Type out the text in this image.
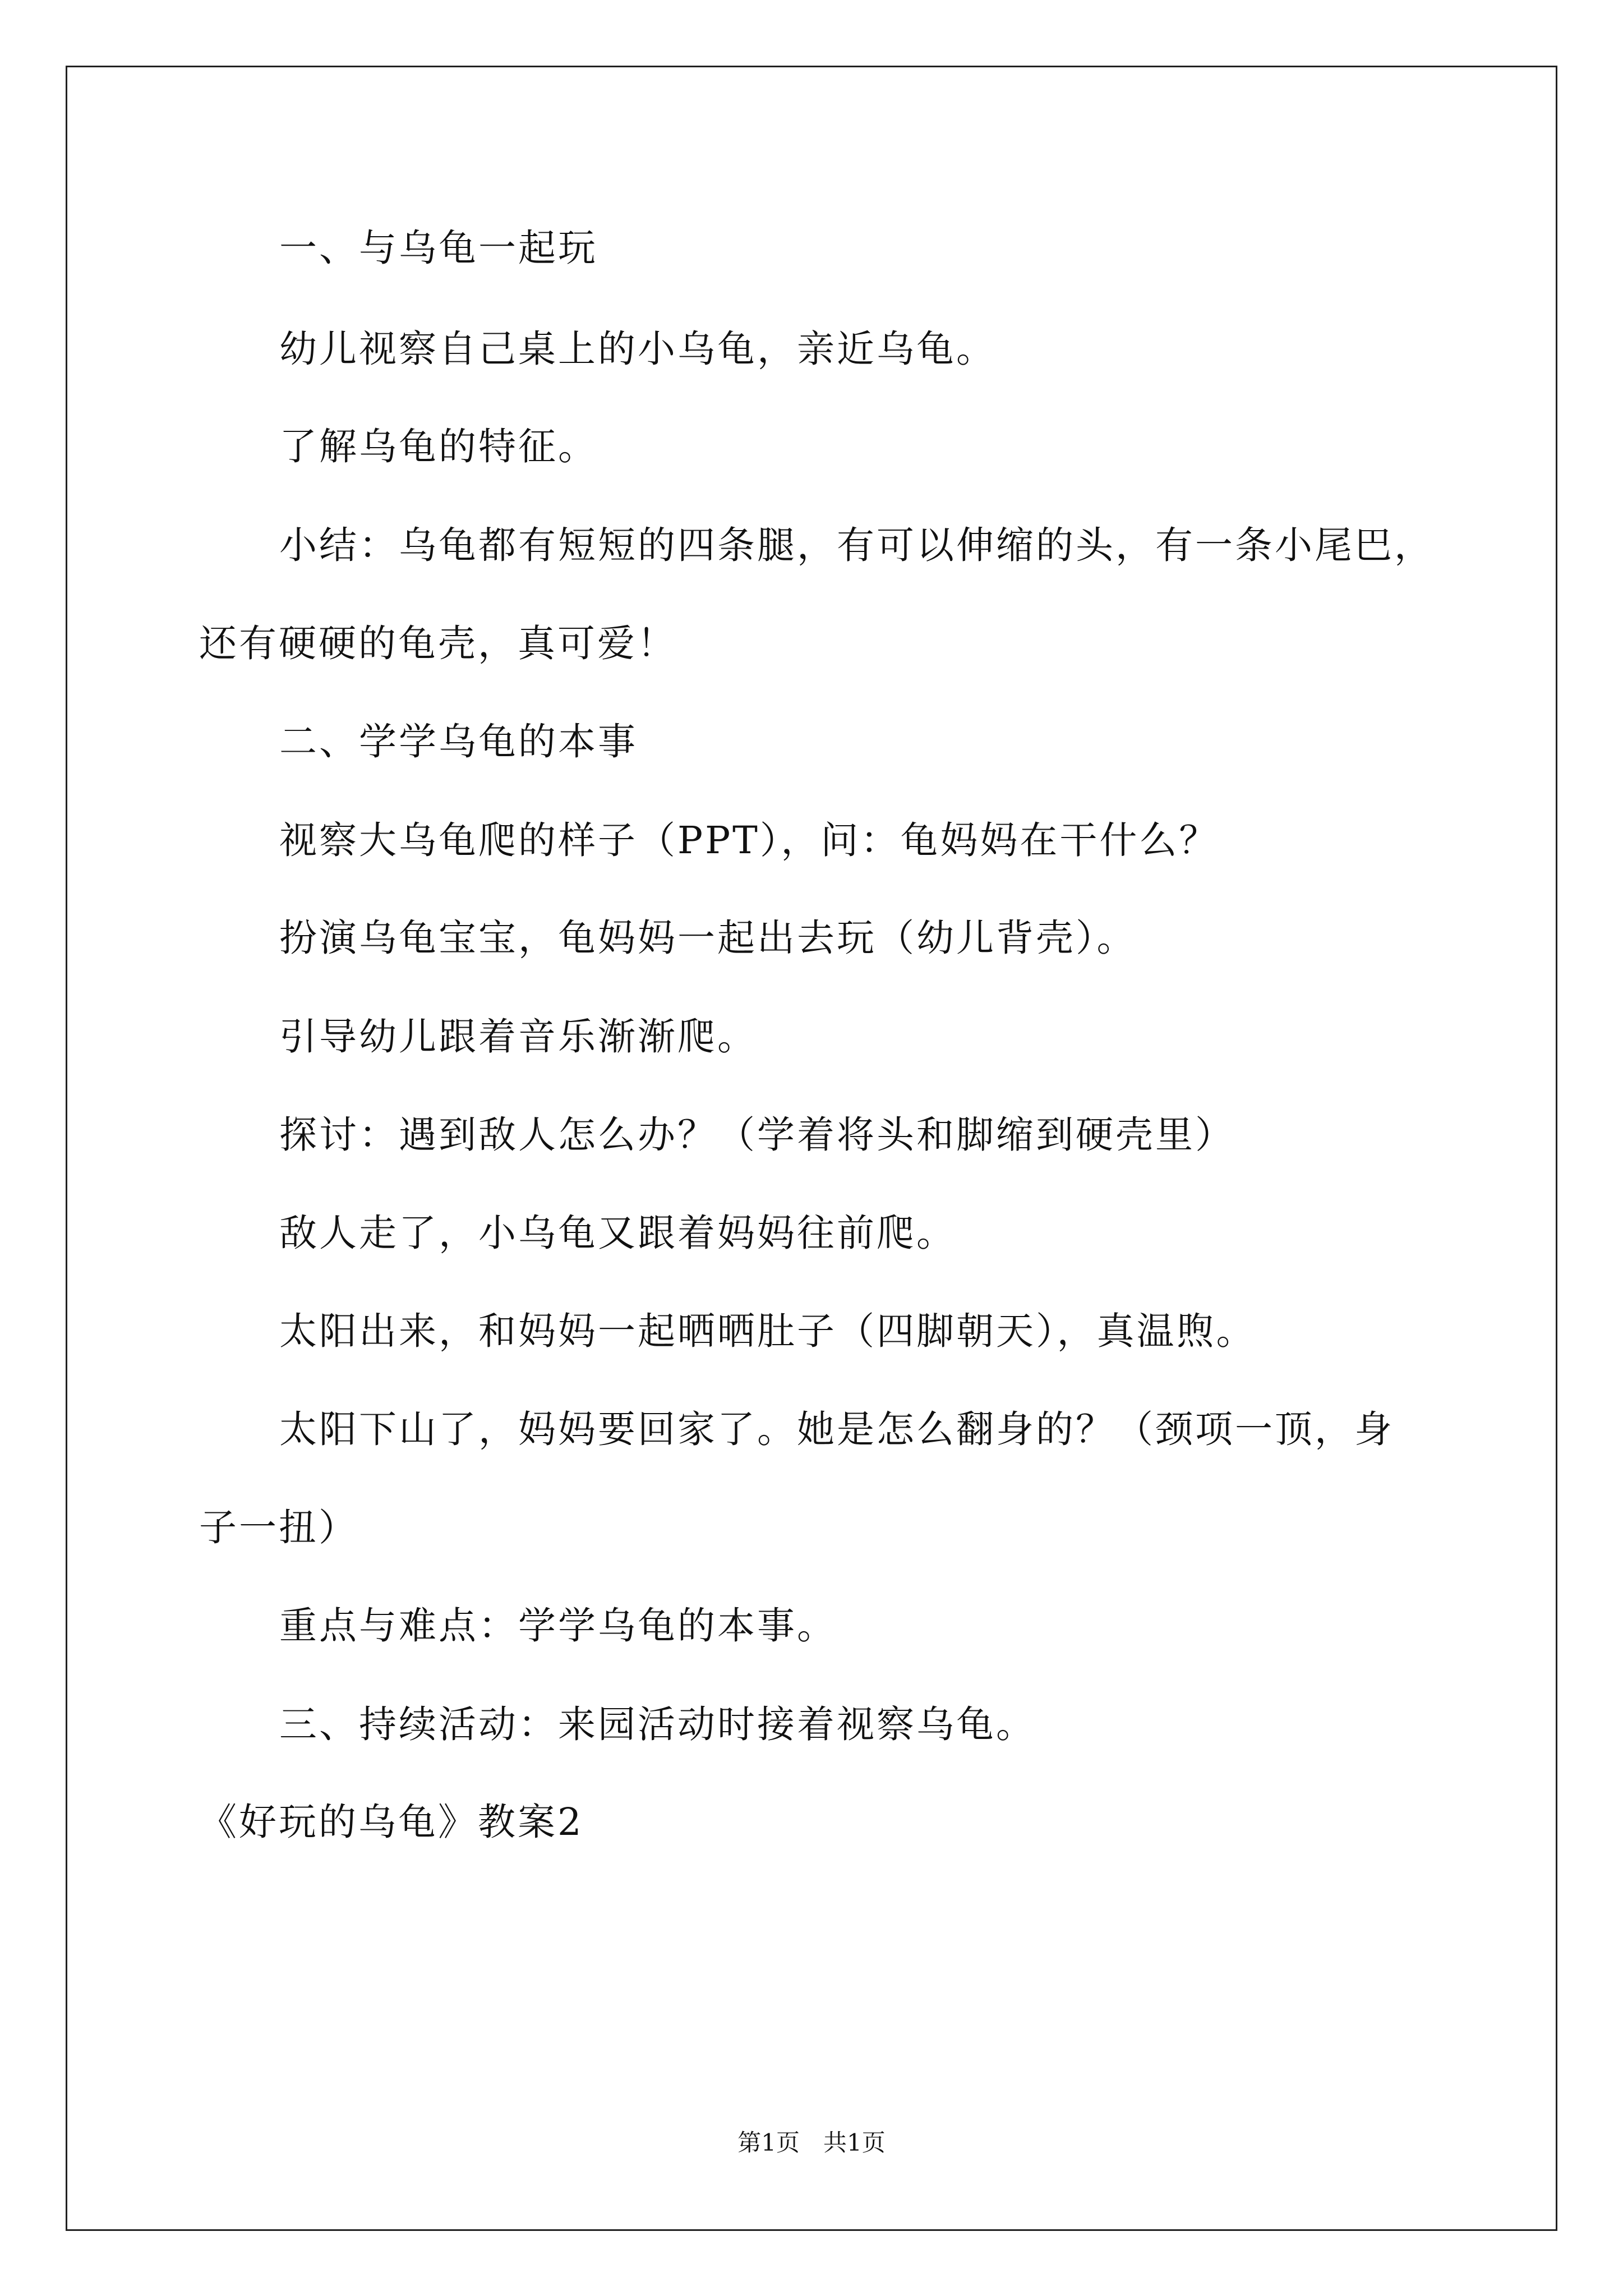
一、与乌龟一起玩
幼儿视察自己桌上的小乌龟，亲近乌龟。
了解乌龟的特征。
小结：乌龟都有短短的四条腿，有可以伸缩的头，有一条小尾巴，
还有硬硬的龟壳，真可爱！
二、学学乌龟的本事
视察大乌龟爬的样子（PPT），问：龟妈妈在干什么？
扮演乌龟宝宝，龟妈妈一起出去玩（幼儿背壳）。
引导幼儿跟着音乐渐渐爬。
探讨：遇到敌人怎么办？（学着将头和脚缩到硬壳里）
敌人走了，小乌龟又跟着妈妈往前爬。
太阳出来，和妈妈一起晒晒肚子（四脚朝天），真温煦。
太阳下山了，妈妈要回家了。她是怎么翻身的？（颈项一顶，身
子一扭）
重点与难点：学学乌龟的本事。
三、持续活动：来园活动时接着视察乌龟。
《好玩的乌龟》教案2
第1页　共1页
